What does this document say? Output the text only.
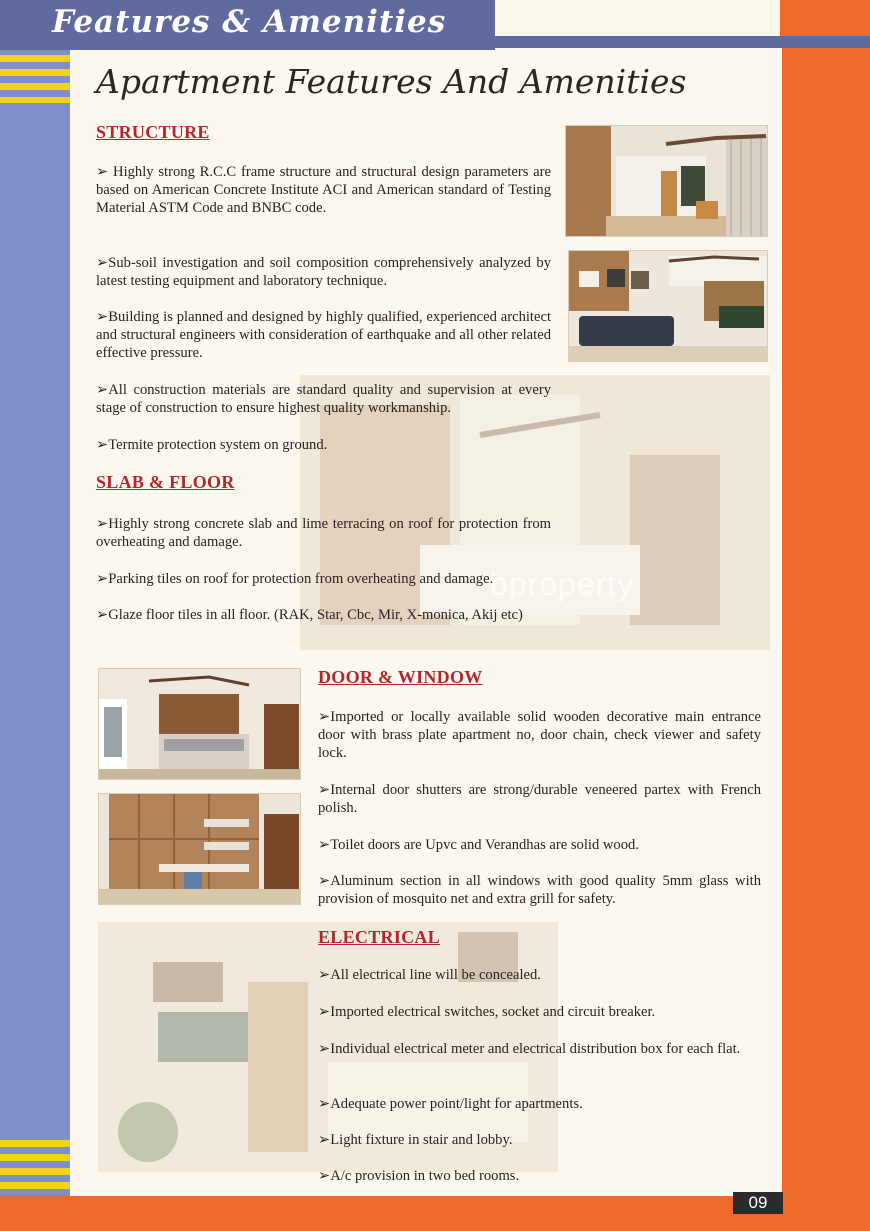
Features & Amenities
Apartment Features And Amenities
STRUCTURE
➢ Highly strong R.C.C frame structure and structural design parameters are based on American Concrete Institute ACI and American standard of Testing Material ASTM Code and BNBC code.
➢Sub-soil investigation and soil composition comprehensively analyzed by latest testing equipment and laboratory technique.
➢Building is planned and designed by highly qualified, experienced architect and structural engineers with consideration of earthquake and all other related effective pressure.
➢All construction materials are standard quality and supervision at every stage of construction to ensure highest quality workmanship.
➢Termite protection system on ground.
SLAB & FLOOR
➢Highly strong concrete slab and lime terracing on roof for protection from overheating and damage.
➢Parking tiles on roof for protection from overheating and damage.
➢Glaze floor tiles in all floor. (RAK, Star, Cbc, Mir, X-monica, Akij etc)
DOOR & WINDOW
➢Imported or locally available solid wooden decorative main entrance door with brass plate apartment no, door chain, check viewer and safety lock.
➢Internal door shutters are strong/durable veneered partex with French polish.
➢Toilet doors are Upvc and Verandhas are solid wood.
➢Aluminum section in all windows with good quality 5mm glass with provision of mosquito net and extra grill for safety.
ELECTRICAL
➢All electrical line will be concealed.
➢Imported electrical switches, socket and circuit breaker.
➢Individual electrical meter and electrical distribution box for each flat.
➢Adequate power point/light for apartments.
➢Light fixture in stair and lobby.
➢A/c provision in two bed rooms.
bproperty
09
